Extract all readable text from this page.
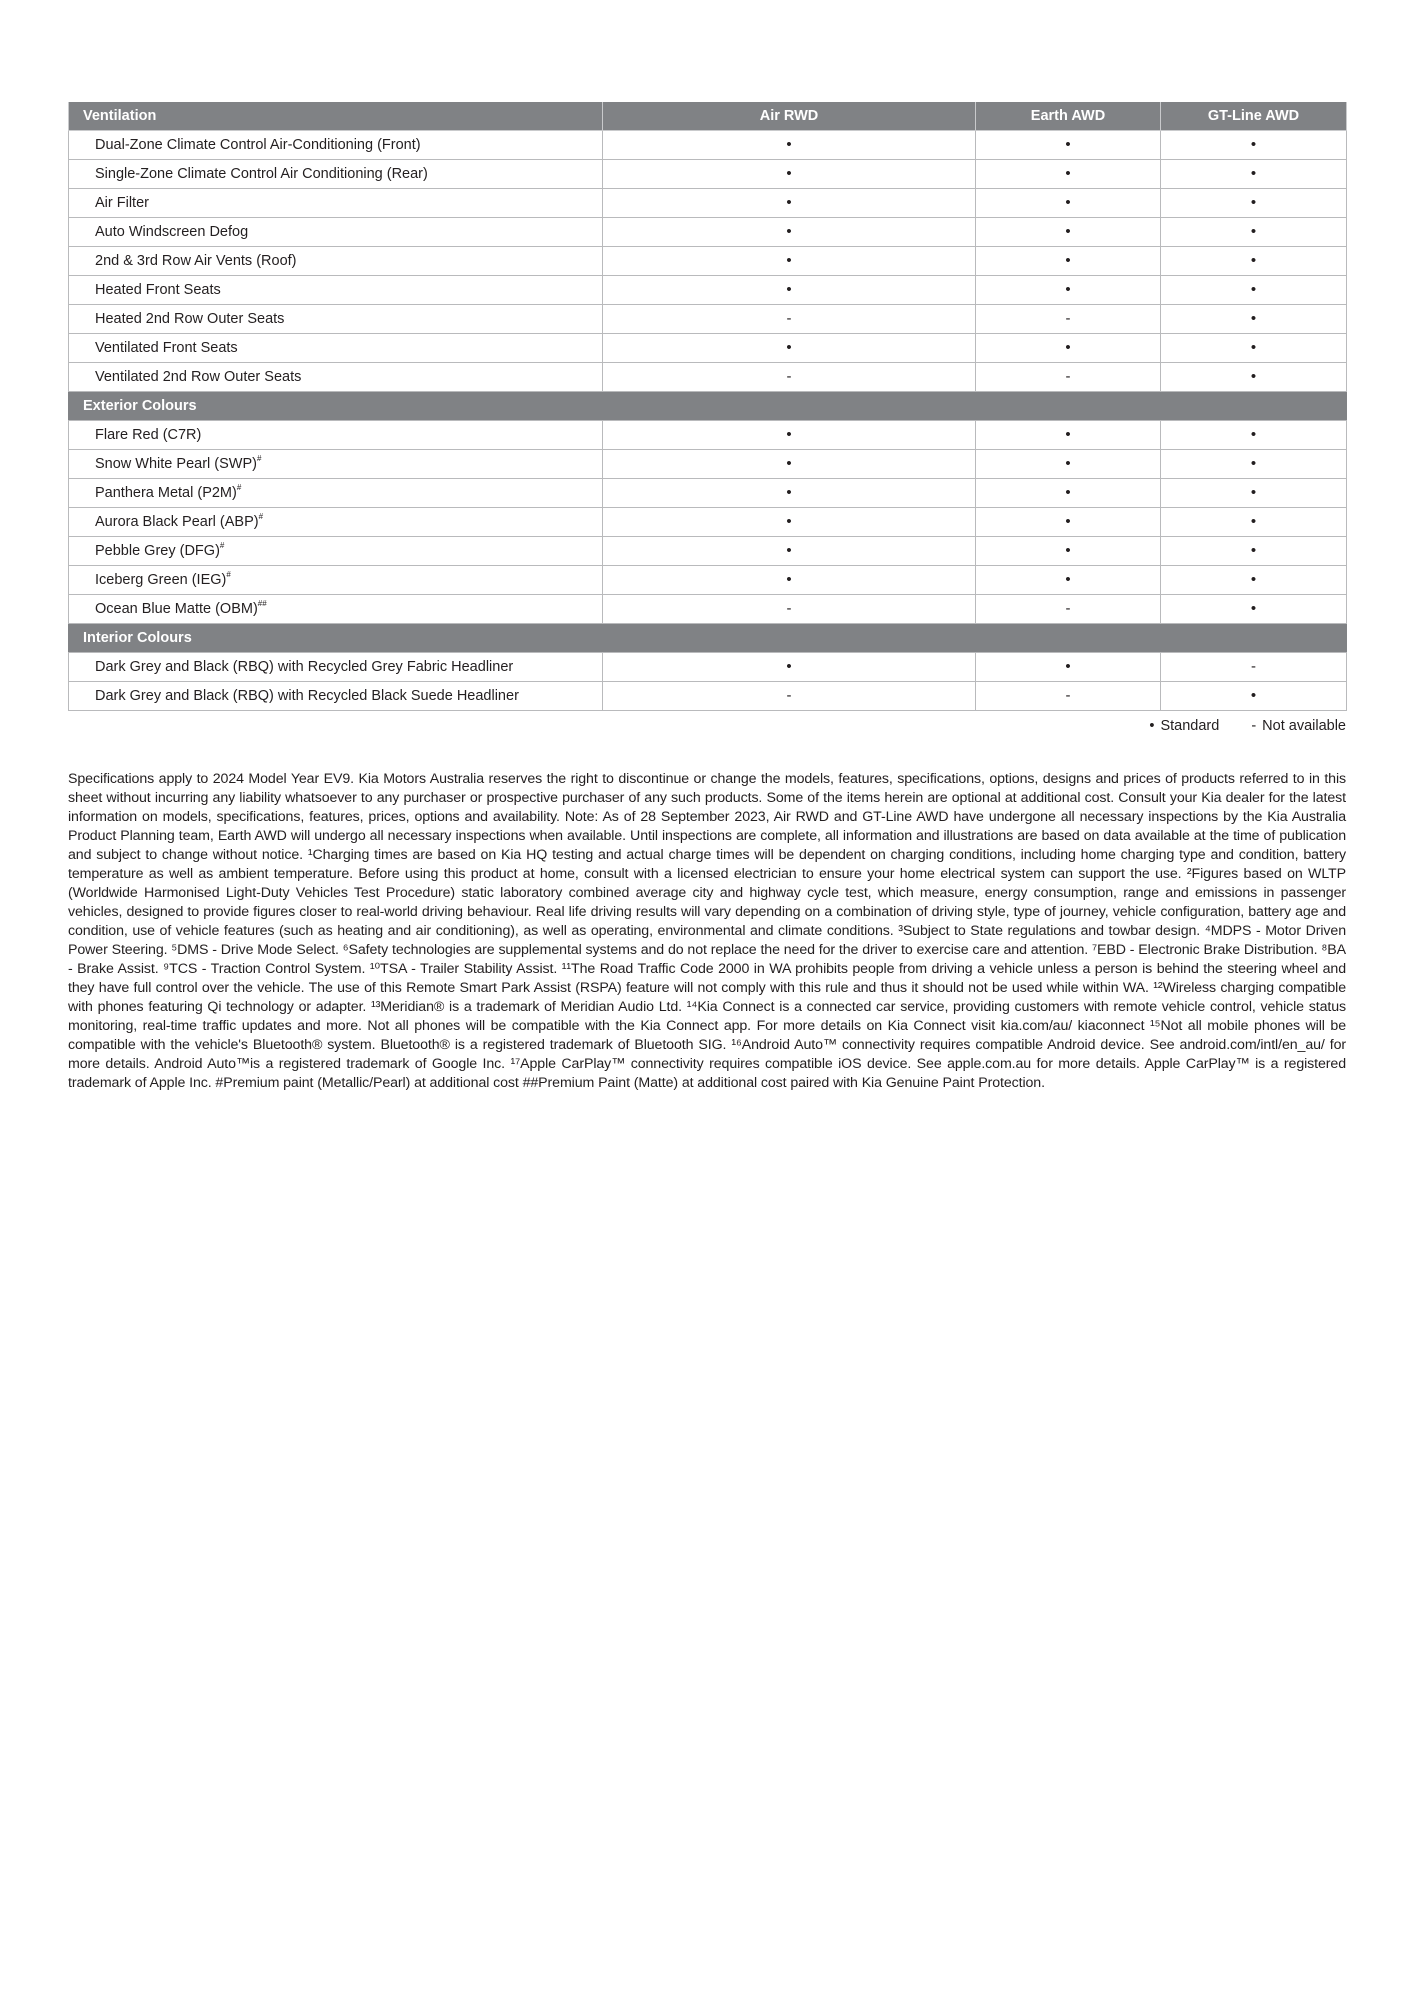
Ventilation	Air RWD	Earth AWD	GT-Line AWD
Dual-Zone Climate Control Air-Conditioning (Front)	•	•	•
Single-Zone Climate Control Air Conditioning (Rear)	•	•	•
Air Filter	•	•	•
Auto Windscreen Defog	•	•	•
2nd & 3rd Row Air Vents (Roof)	•	•	•
Heated Front Seats	•	•	•
Heated 2nd Row Outer Seats	-	-	•
Ventilated Front Seats	•	•	•
Ventilated 2nd Row Outer Seats	-	-	•
Exterior Colours			
Flare Red (C7R)	•	•	•
Snow White Pearl (SWP)#	•	•	•
Panthera Metal (P2M)#	•	•	•
Aurora Black Pearl (ABP)#	•	•	•
Pebble Grey (DFG)#	•	•	•
Iceberg Green (IEG)#	•	•	•
Ocean Blue Matte (OBM)##	-	-	•
Interior Colours			
Dark Grey and Black (RBQ) with Recycled Grey Fabric Headliner	•	•	-
Dark Grey and Black (RBQ) with Recycled Black Suede Headliner	-	-	•
• Standard - Not available

Specifications apply to 2024 Model Year EV9. Kia Motors Australia reserves the right to discontinue or change the models, features, specifications, options, designs and prices of products referred to in this sheet without incurring any liability whatsoever to any purchaser or prospective purchaser of any such products. Some of the items herein are optional at additional cost. Consult your Kia dealer for the latest information on models, specifications, features, prices, options and availability. Note: As of 28 September 2023, Air RWD and GT-Line AWD have undergone all necessary inspections by the Kia Australia Product Planning team, Earth AWD will undergo all necessary inspections when available. Until inspections are complete, all information and illustrations are based on data available at the time of publication and subject to change without notice. ¹Charging times are based on Kia HQ testing and actual charge times will be dependent on charging conditions, including home charging type and condition, battery temperature as well as ambient temperature. Before using this product at home, consult with a licensed electrician to ensure your home electrical system can support the use. ²Figures based on WLTP (Worldwide Harmonised Light-Duty Vehicles Test Procedure) static laboratory combined average city and highway cycle test, which measure, energy consumption, range and emissions in passenger vehicles, designed to provide figures closer to real-world driving behaviour. Real life driving results will vary depending on a combination of driving style, type of journey, vehicle configuration, battery age and condition, use of vehicle features (such as heating and air conditioning), as well as operating, environmental and climate conditions. ³Subject to State regulations and towbar design. ⁴MDPS - Motor Driven Power Steering. ⁵DMS - Drive Mode Select. ⁶Safety technologies are supplemental systems and do not replace the need for the driver to exercise care and attention. ⁷EBD - Electronic Brake Distribution. ⁸BA - Brake Assist. ⁹TCS - Traction Control System. ¹⁰TSA - Trailer Stability Assist. ¹¹The Road Traffic Code 2000 in WA prohibits people from driving a vehicle unless a person is behind the steering wheel and they have full control over the vehicle. The use of this Remote Smart Park Assist (RSPA) feature will not comply with this rule and thus it should not be used while within WA. ¹²Wireless charging compatible with phones featuring Qi technology or adapter. ¹³Meridian® is a trademark of Meridian Audio Ltd. ¹⁴Kia Connect is a connected car service, providing customers with remote vehicle control, vehicle status monitoring, real-time traffic updates and more. Not all phones will be compatible with the Kia Connect app. For more details on Kia Connect visit kia.com/au/ kiaconnect ¹⁵Not all mobile phones will be compatible with the vehicle's Bluetooth® system. Bluetooth® is a registered trademark of Bluetooth SIG. ¹⁶Android Auto™ connectivity requires compatible Android device. See android.com/intl/en_au/ for more details. Android Auto™is a registered trademark of Google Inc. ¹⁷Apple CarPlay™ connectivity requires compatible iOS device. See apple.com.au for more details. Apple CarPlay™ is a registered trademark of Apple Inc. #Premium paint (Metallic/Pearl) at additional cost ##Premium Paint (Matte) at additional cost paired with Kia Genuine Paint Protection.
